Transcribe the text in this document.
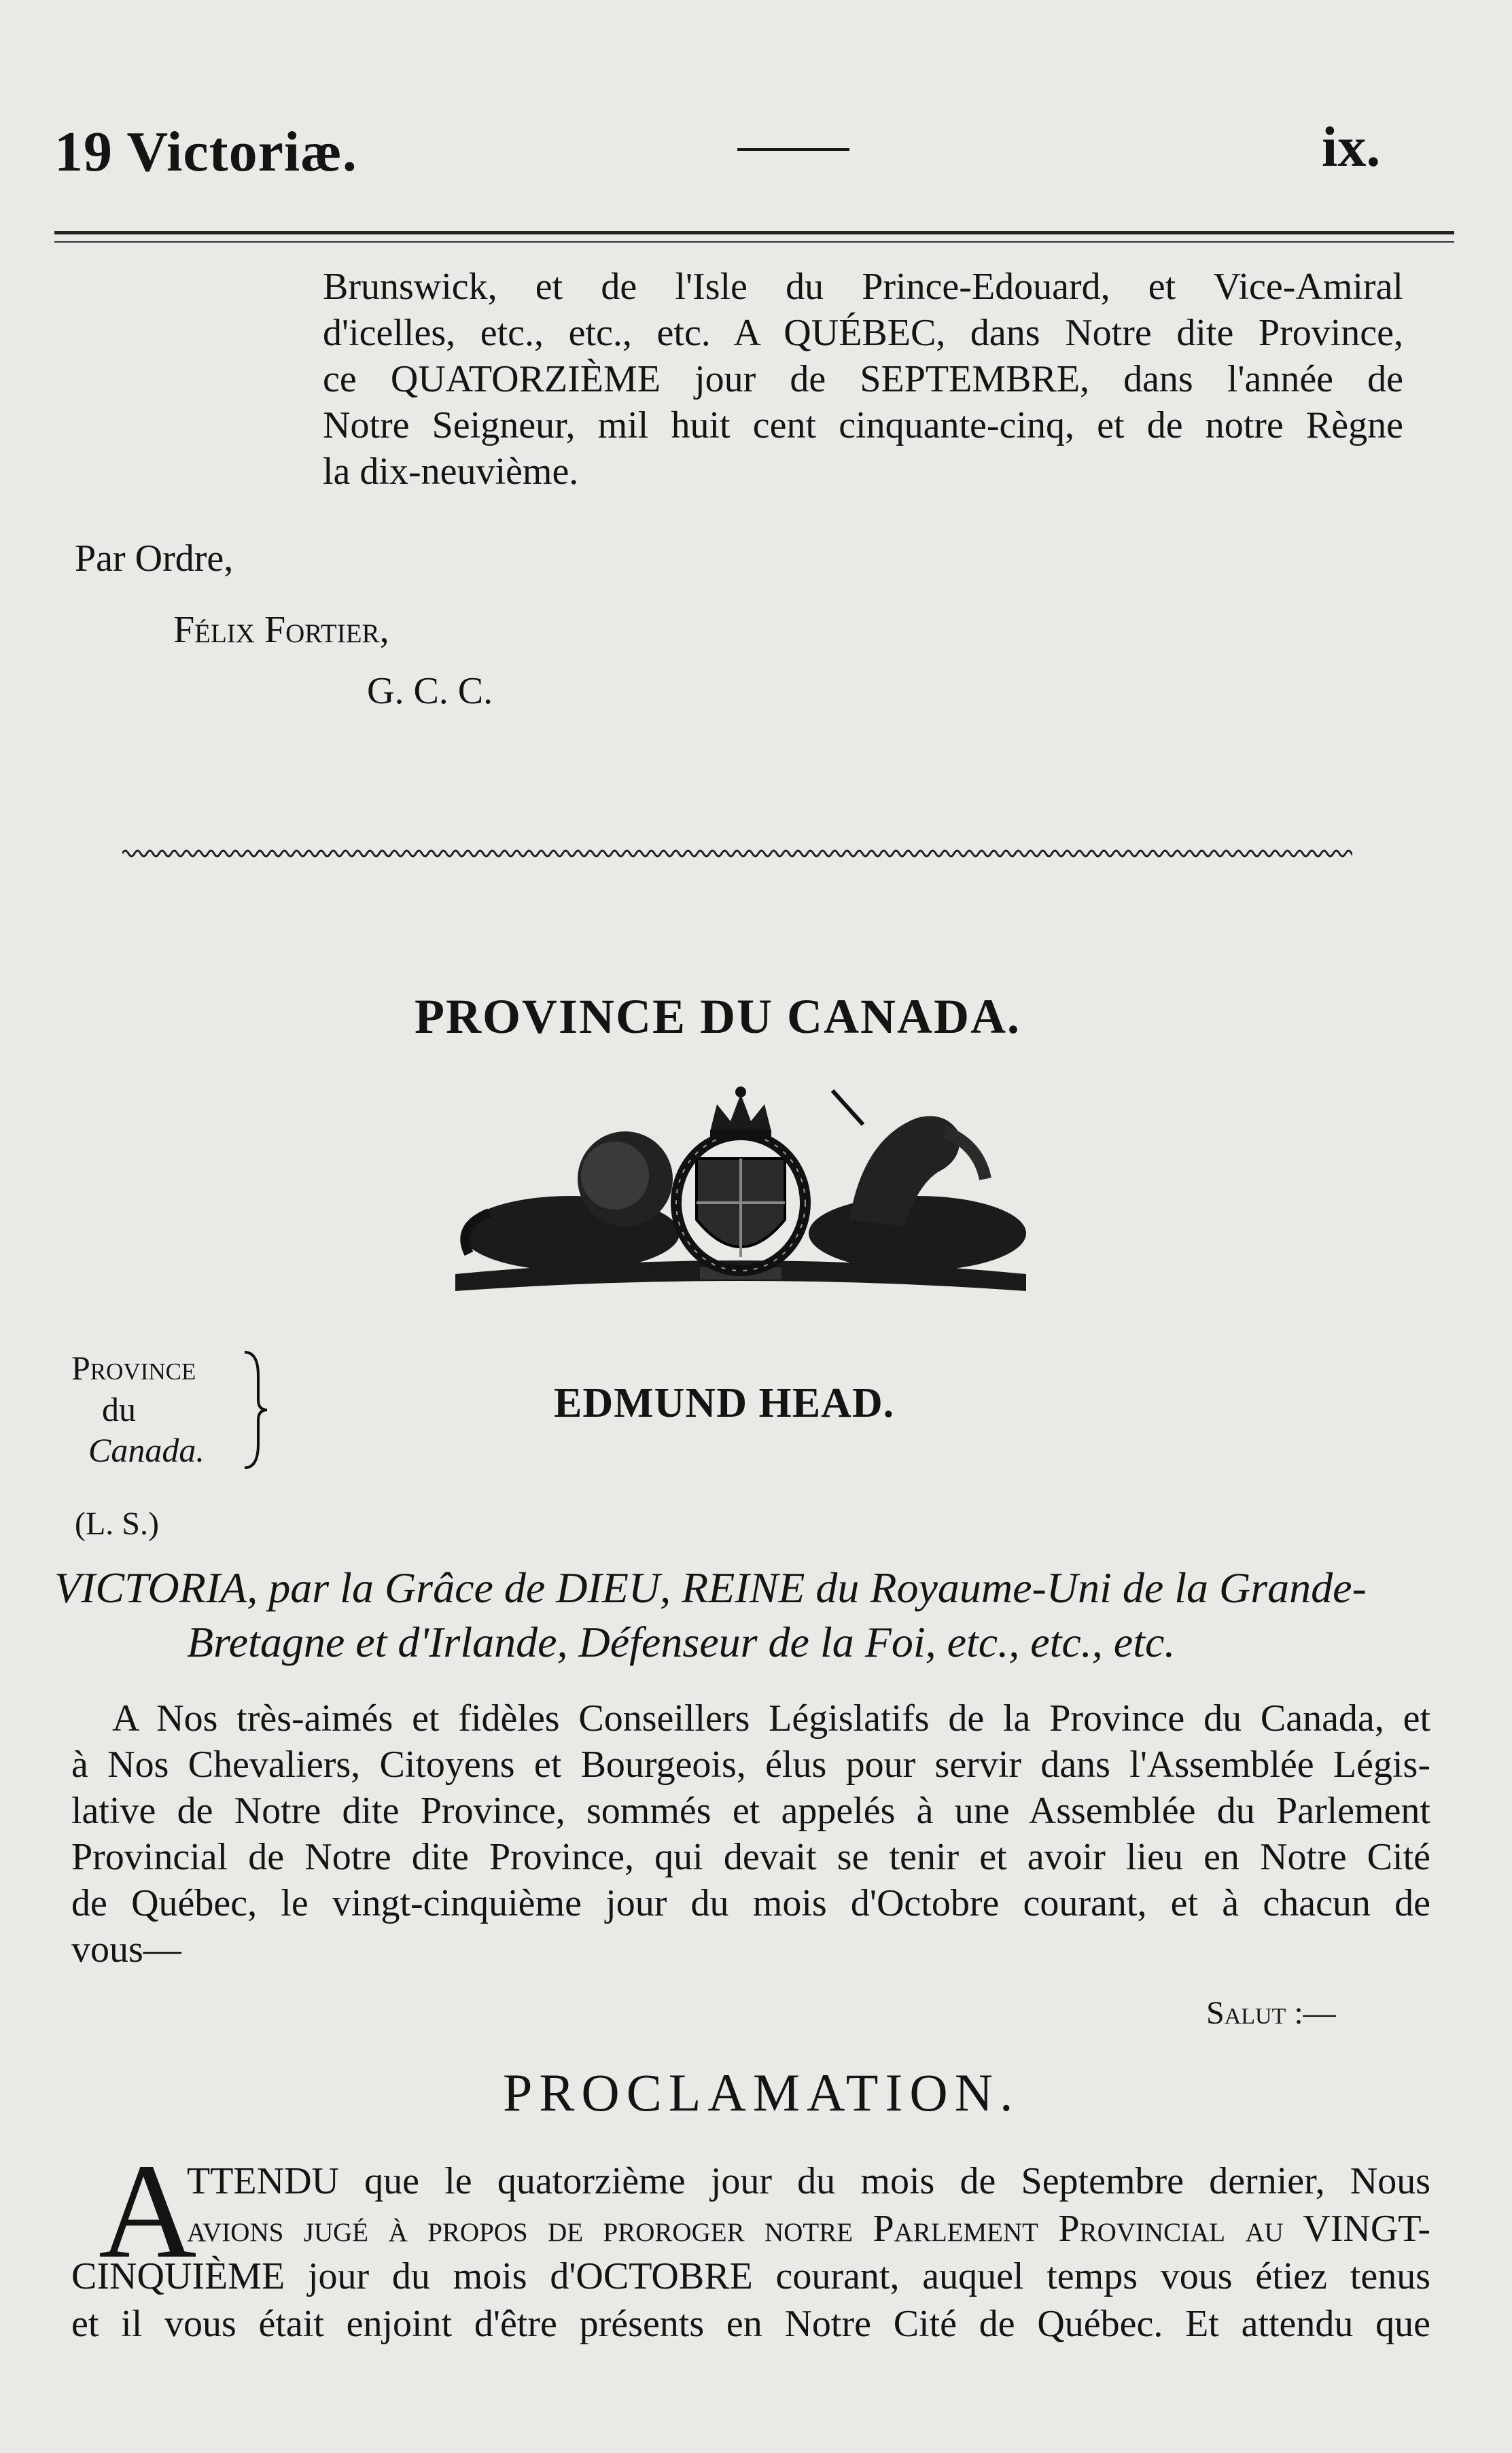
19 Victoriæ.	ix.
Brunswick, et de l'Isle du Prince-Edouard, et Vice-Amiral
d'icelles, etc., etc., etc. A QUÉBEC, dans Notre dite Province,
ce QUATORZIÈME jour de SEPTEMBRE, dans l'année de
Notre Seigneur, mil huit cent cinquante-cinq, et de notre Règne
la dix-neuvième.
Par Ordre,
Félix Fortier,
G. C. C.
PROVINCE DU CANADA.
Province
du
Canada.
EDMUND HEAD.
(L. S.)
VICTORIA, par la Grâce de DIEU, REINE du Royaume-Uni de la Grande-
Bretagne et d'Irlande, Défenseur de la Foi, etc., etc., etc.
A Nos très-aimés et fidèles Conseillers Législatifs de la Province du Canada, et
à Nos Chevaliers, Citoyens et Bourgeois, élus pour servir dans l'Assemblée Légis-
lative de Notre dite Province, sommés et appelés à une Assemblée du Parlement
Provincial de Notre dite Province, qui devait se tenir et avoir lieu en Notre Cité
de Québec, le vingt-cinquième jour du mois d'Octobre courant, et à chacun de
vous—
Salut :—
PROCLAMATION.
A
TTENDU que le quatorzième jour du mois de Septembre dernier, Nous
avions jugé à propos de proroger notre Parlement Provincial au VINGT-
CINQUIÈME jour du mois d'OCTOBRE courant, auquel temps vous étiez tenus
et il vous était enjoint d'être présents en Notre Cité de Québec. Et attendu que
